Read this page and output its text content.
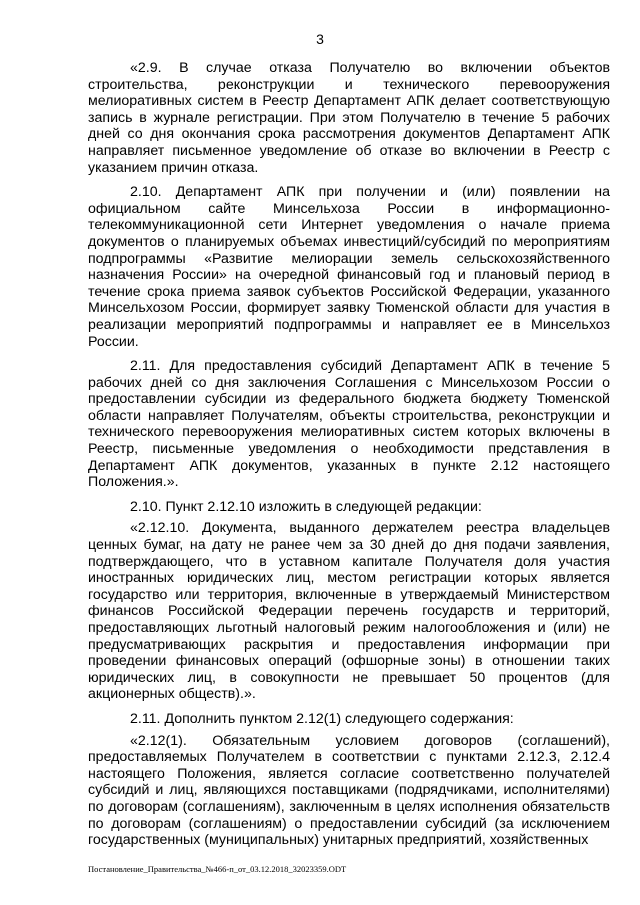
3

«2.9. В случае отказа Получателю во включении объектов строительства, реконструкции и технического перевооружения мелиоративных систем в Реестр Департамент АПК делает соответствующую запись в журнале регистрации. При этом Получателю в течение 5 рабочих дней со дня окончания срока рассмотрения документов Департамент АПК направляет письменное уведомление об отказе во включении в Реестр с указанием причин отказа.

2.10. Департамент АПК при получении и (или) появлении на официальном сайте Минсельхоза России в информационно-телекоммуникационной сети Интернет уведомления о начале приема документов о планируемых объемах инвестиций/субсидий по мероприятиям подпрограммы «Развитие мелиорации земель сельскохозяйственного назначения России» на очередной финансовый год и плановый период в течение срока приема заявок субъектов Российской Федерации, указанного Минсельхозом России, формирует заявку Тюменской области для участия в реализации мероприятий подпрограммы и направляет ее в Минсельхоз России.

2.11. Для предоставления субсидий Департамент АПК в течение 5 рабочих дней со дня заключения Соглашения с Минсельхозом России о предоставлении субсидии из федерального бюджета бюджету Тюменской области направляет Получателям, объекты строительства, реконструкции и технического перевооружения мелиоративных систем которых включены в Реестр, письменные уведомления о необходимости представления в Департамент АПК документов, указанных в пункте 2.12 настоящего Положения.».

2.10. Пункт 2.12.10 изложить в следующей редакции:

«2.12.10. Документа, выданного держателем реестра владельцев ценных бумаг, на дату не ранее чем за 30 дней до дня подачи заявления, подтверждающего, что в уставном капитале Получателя доля участия иностранных юридических лиц, местом регистрации которых является государство или территория, включенные в утверждаемый Министерством финансов Российской Федерации перечень государств и территорий, предоставляющих льготный налоговый режим налогообложения и (или) не предусматривающих раскрытия и предоставления информации при проведении финансовых операций (офшорные зоны) в отношении таких юридических лиц, в совокупности не превышает 50 процентов (для акционерных обществ).».

2.11. Дополнить пунктом 2.12(1) следующего содержания:

«2.12(1). Обязательным условием договоров (соглашений), предоставляемых Получателем в соответствии с пунктами 2.12.3, 2.12.4 настоящего Положения, является согласие соответственно получателей субсидий и лиц, являющихся поставщиками (подрядчиками, исполнителями) по договорам (соглашениям), заключенным в целях исполнения обязательств по договорам (соглашениям) о предоставлении субсидий (за исключением государственных (муниципальных) унитарных предприятий, хозяйственных

Постановление_Правительства_№466-п_от_03.12.2018_32023359.ODT
